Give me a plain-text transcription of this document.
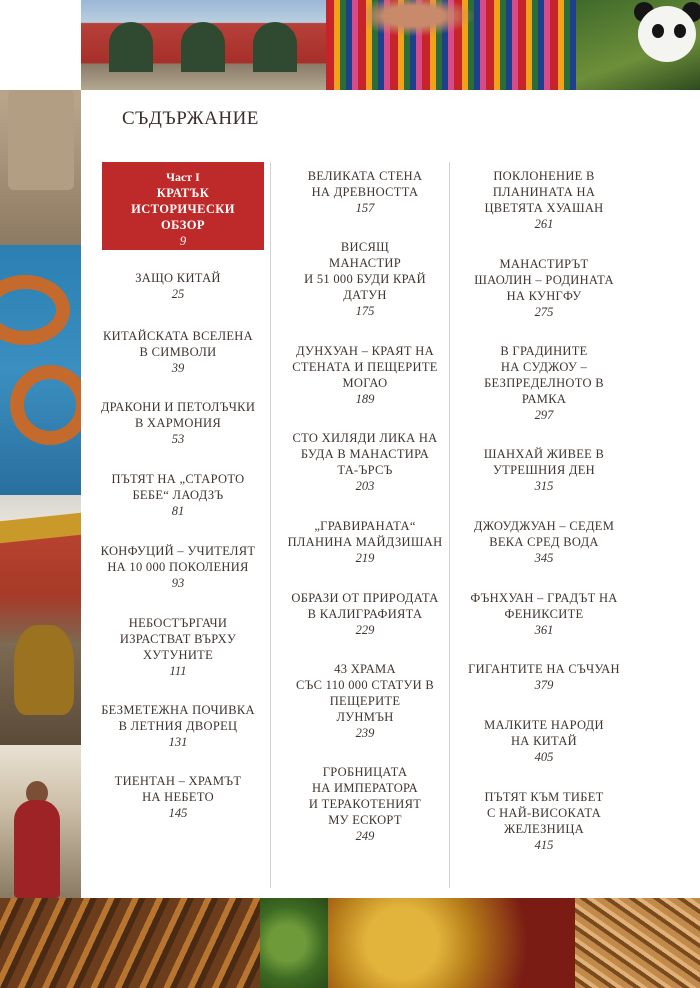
СЪДЪРЖАНИЕ
Част I
КРАТЪК
ИСТОРИЧЕСКИ
ОБЗОР
9
ЗАЩО КИТАЙ
25
КИТАЙСКАТА ВСЕЛЕНА
В СИМВОЛИ
39
ДРАКОНИ И ПЕТОЛЪЧКИ
В ХАРМОНИЯ
53
ПЪТЯТ НА „СТАРОТО
БЕБЕ“ ЛАОДЗЪ
81
КОНФУЦИЙ – УЧИТЕЛЯТ
НА 10 000 ПОКОЛЕНИЯ
93
НЕБОСТЪРГАЧИ
ИЗРАСТВАТ ВЪРХУ
ХУТУНИТЕ
111
БЕЗМЕТЕЖНА ПОЧИВКА
В ЛЕТНИЯ ДВОРЕЦ
131
ТИЕНТАН – ХРАМЪТ
НА НЕБЕТО
145
ВЕЛИКАТА СТЕНА
НА ДРЕВНОСТТА
157
ВИСЯЩ
МАНАСТИР
И 51 000 БУДИ КРАЙ
ДАТУН
175
ДУНХУАН – КРАЯТ НА
СТЕНАТА И ПЕЩЕРИТЕ
МОГАО
189
СТО ХИЛЯДИ ЛИКА НА
БУДА В МАНАСТИРА
ТА-ЪРСЪ
203
„ГРАВИРАНАТА“
ПЛАНИНА МАЙДЗИШАН
219
ОБРАЗИ ОТ ПРИРОДАТА
В КАЛИГРАФИЯТА
229
43 ХРАМА
СЪС 110 000 СТАТУИ В
ПЕЩЕРИТЕ
ЛУНМЪН
239
ГРОБНИЦАТА
НА ИМПЕРАТОРА
И ТЕРАКОТЕНИЯТ
МУ ЕСКОРТ
249
ПОКЛОНЕНИЕ В
ПЛАНИНАТА НА
ЦВЕТЯТА ХУАШАН
261
МАНАСТИРЪТ
ШАОЛИН – РОДИНАТА
НА КУНГФУ
275
В ГРАДИНИТЕ
НА СУДЖОУ –
БЕЗПРЕДЕЛНОТО В
РАМКА
297
ШАНХАЙ ЖИВЕЕ В
УТРЕШНИЯ ДЕН
315
ДЖОУДЖУАН – СЕДЕМ
ВЕКА СРЕД ВОДА
345
ФЪНХУАН – ГРАДЪТ НА
ФЕНИКСИТЕ
361
ГИГАНТИТЕ НА СЪЧУАН
379
МАЛКИТЕ НАРОДИ
НА КИТАЙ
405
ПЪТЯТ КЪМ ТИБЕТ
С НАЙ-ВИСОКАТА
ЖЕЛЕЗНИЦА
415
